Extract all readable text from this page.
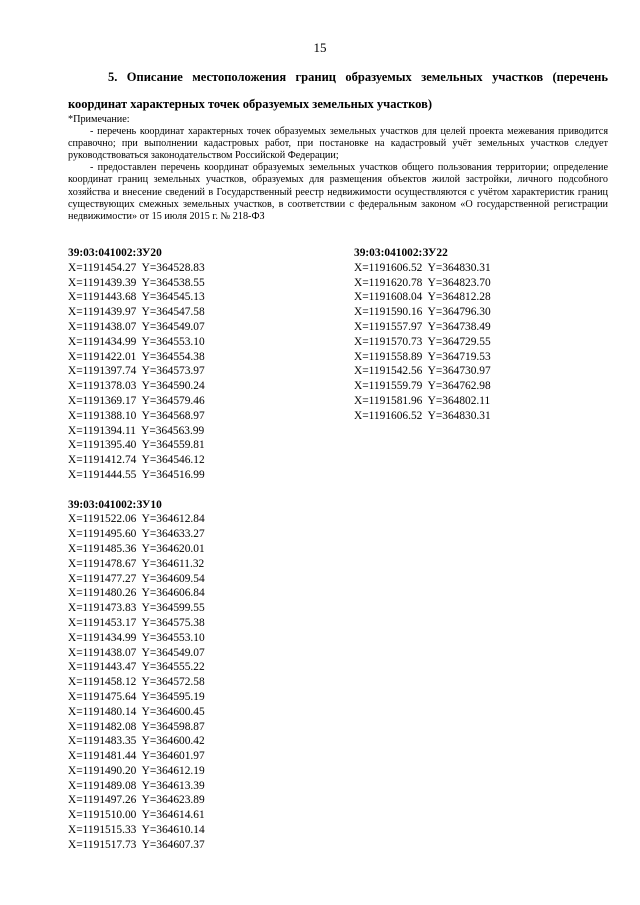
15
5. Описание местоположения границ образуемых земельных участков (перечень
координат характерных точек образуемых земельных участков)

*Примечание:

- перечень координат характерных точек образуемых земельных участков для целей проекта межевания приводится справочно; при выполнении кадастровых работ, при постановке на кадастровый учёт земельных участков следует руководствоваться законодательством Российской Федерации;

- предоставлен перечень координат образуемых земельных участков общего пользования территории; определение координат границ земельных участков, образуемых для размещения объектов жилой застройки, личного подсобного хозяйства и внесение сведений в Государственный реестр недвижимости осуществляются с учётом характеристик границ существующих смежных земельных участков, в соответствии с федеральным законом «О государственной регистрации недвижимости» от 15 июля 2015 г. № 218-ФЗ

39:03:041002:ЗУ20
X=1191454.27  Y=364528.83
X=1191439.39  Y=364538.55
X=1191443.68  Y=364545.13
X=1191439.97  Y=364547.58
X=1191438.07  Y=364549.07
X=1191434.99  Y=364553.10
X=1191422.01  Y=364554.38
X=1191397.74  Y=364573.97
X=1191378.03  Y=364590.24
X=1191369.17  Y=364579.46
X=1191388.10  Y=364568.97
X=1191394.11  Y=364563.99
X=1191395.40  Y=364559.81
X=1191412.74  Y=364546.12
X=1191444.55  Y=364516.99
39:03:041002:ЗУ10
X=1191522.06  Y=364612.84
X=1191495.60  Y=364633.27
X=1191485.36  Y=364620.01
X=1191478.67  Y=364611.32
X=1191477.27  Y=364609.54
X=1191480.26  Y=364606.84
X=1191473.83  Y=364599.55
X=1191453.17  Y=364575.38
X=1191434.99  Y=364553.10
X=1191438.07  Y=364549.07
X=1191443.47  Y=364555.22
X=1191458.12  Y=364572.58
X=1191475.64  Y=364595.19
X=1191480.14  Y=364600.45
X=1191482.08  Y=364598.87
X=1191483.35  Y=364600.42
X=1191481.44  Y=364601.97
X=1191490.20  Y=364612.19
X=1191489.08  Y=364613.39
X=1191497.26  Y=364623.89
X=1191510.00  Y=364614.61
X=1191515.33  Y=364610.14
X=1191517.73  Y=364607.37
39:03:041002:ЗУ22
X=1191606.52  Y=364830.31
X=1191620.78  Y=364823.70
X=1191608.04  Y=364812.28
X=1191590.16  Y=364796.30
X=1191557.97  Y=364738.49
X=1191570.73  Y=364729.55
X=1191558.89  Y=364719.53
X=1191542.56  Y=364730.97
X=1191559.79  Y=364762.98
X=1191581.96  Y=364802.11
X=1191606.52  Y=364830.31
